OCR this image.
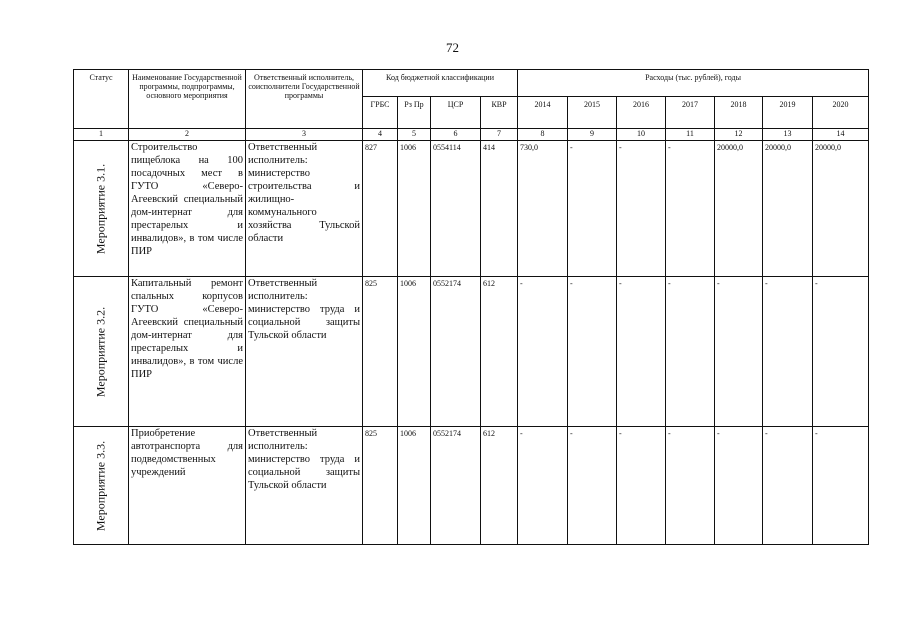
72
Статус	Наименование Государственной программы, подпрограммы, основного мероприятия	Ответственный исполнитель, соисполнители Государственной программы	Код бюджетной классификации				Расходы (тыс. рублей), годы						
			ГРБС	Рз Пр	ЦСР	КВР	2014	2015	2016	2017	2018	2019	2020
1	2	3	4	5	6	7	8	9	10	11	12	13	14

Мероприятие 3.1.	Строительство пищеблока на 100 посадочных мест в ГУТО «Северо-Агеевский специальный дом-интернат для престарелых и инвалидов», в том числе ПИР	Ответственный исполнитель: министерство строительства и жилищно-коммунального хозяйства Тульской области	827	1006	0554114	414	730,0	-	-	-	20000,0	20000,0	20000,0

Мероприятие 3.2.	Капитальный ремонт спальных корпусов ГУТО «Северо-Агеевский специальный дом-интернат для престарелых и инвалидов», в том числе ПИР	Ответственный исполнитель: министерство труда и социальной защиты Тульской области	825	1006	0552174	612	-	-	-	-	-	-	-

Мероприятие 3.3.	Приобретение автотранспорта для подведомственных учреждений	Ответственный исполнитель: министерство труда и социальной защиты Тульской области	825	1006	0552174	612	-	-	-	-	-	-	-
